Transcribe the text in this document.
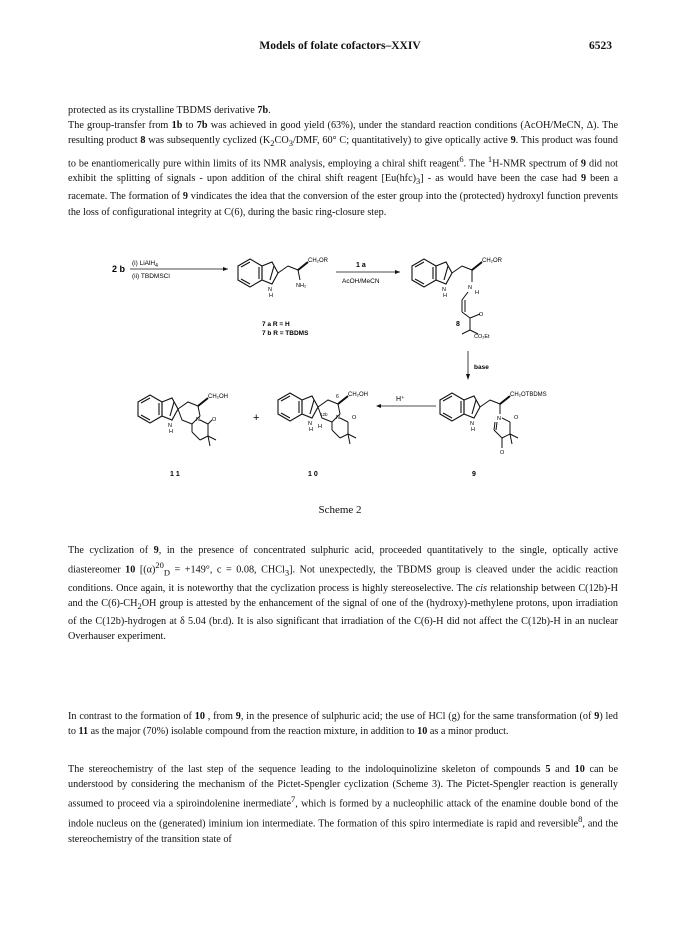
Models of folate cofactors–XXIV	6523

protected as its crystalline TBDMS derivative 7b.
The group-transfer from 1b to 7b was achieved in good yield (63%), under the standard reaction conditions (AcOH/MeCN, Δ). The resulting product 8 was subsequently cyclized ($K_2CO_3$/DMF, 60° C; quantitatively) to give optically active 9. This product was found to be enantiomerically pure within limits of its NMR analysis, employing a chiral shift reagent$^6$. The $^1$H-NMR spectrum of 9 did not exhibit the splitting of signals - upon addition of the chiral shift reagent $[Eu(hfc)_3]$ - as would have been the case had 9 been a racemate. The formation of 9 vindicates the idea that the conversion of the ester group into the (protected) hydroxyl function prevents the loss of configurational integrity at C(6), during the basic ring-closure step.

2 b
(i) LiAlH$_4$
(ii) TBDMSCl
CH₂OR
NH₂
N
H
1 a
AcOH/MeCN
CH₂OR
N
H
O
CO₂Et
N
H
7 a R = H
7 b R = TBDMS
8
base
CH₂OH
N O
N
H
+
CH₂OH
6
N
12b
H
O
N
H
H⁺
CH₂OTBDMS
N O
O
N
H
1 1	1 0	9
Scheme 2

The cyclization of 9, in the presence of concentrated sulphuric acid, proceeded quantitatively to the single, optically active diastereomer 10 [$(\alpha)^{20}_D = +149^\circ$, c = 0.08, CHCl$_3$]. Not unexpectedly, the TBDMS group is cleaved under the acidic reaction conditions. Once again, it is noteworthy that the cyclization process is highly stereoselective. The cis relationship between C(12b)-H and the $C(6)-CH_2OH$ group is attested by the enhancement of the signal of one of the (hydroxy)-methylene protons, upon irradiation of the C(12b)-hydrogen at δ 5.04 (br.d). It is also significant that irradiation of the C(6)-H did not affect the C(12b)-H in an nuclear Overhauser experiment.

In contrast to the formation of 10 , from 9, in the presence of sulphuric acid; the use of HCl (g) for the same transformation (of 9) led to 11 as the major (70%) isolable compound from the reaction mixture, in addition to 10 as a minor product.

The stereochemistry of the last step of the sequence leading to the indoloquinolizine skeleton of compounds 5 and 10 can be understood by considering the mechanism of the Pictet-Spengler cyclization (Scheme 3). The Pictet-Spengler reaction is generally assumed to proceed via a spiroindolenine inermediate$^7$, which is formed by a nucleophilic attack of the enamine double bond of the indole nucleus on the (generated) iminium ion intermediate. The formation of this spiro intermediate is rapid and reversible$^8$, and the stereochemistry of the transition state of
